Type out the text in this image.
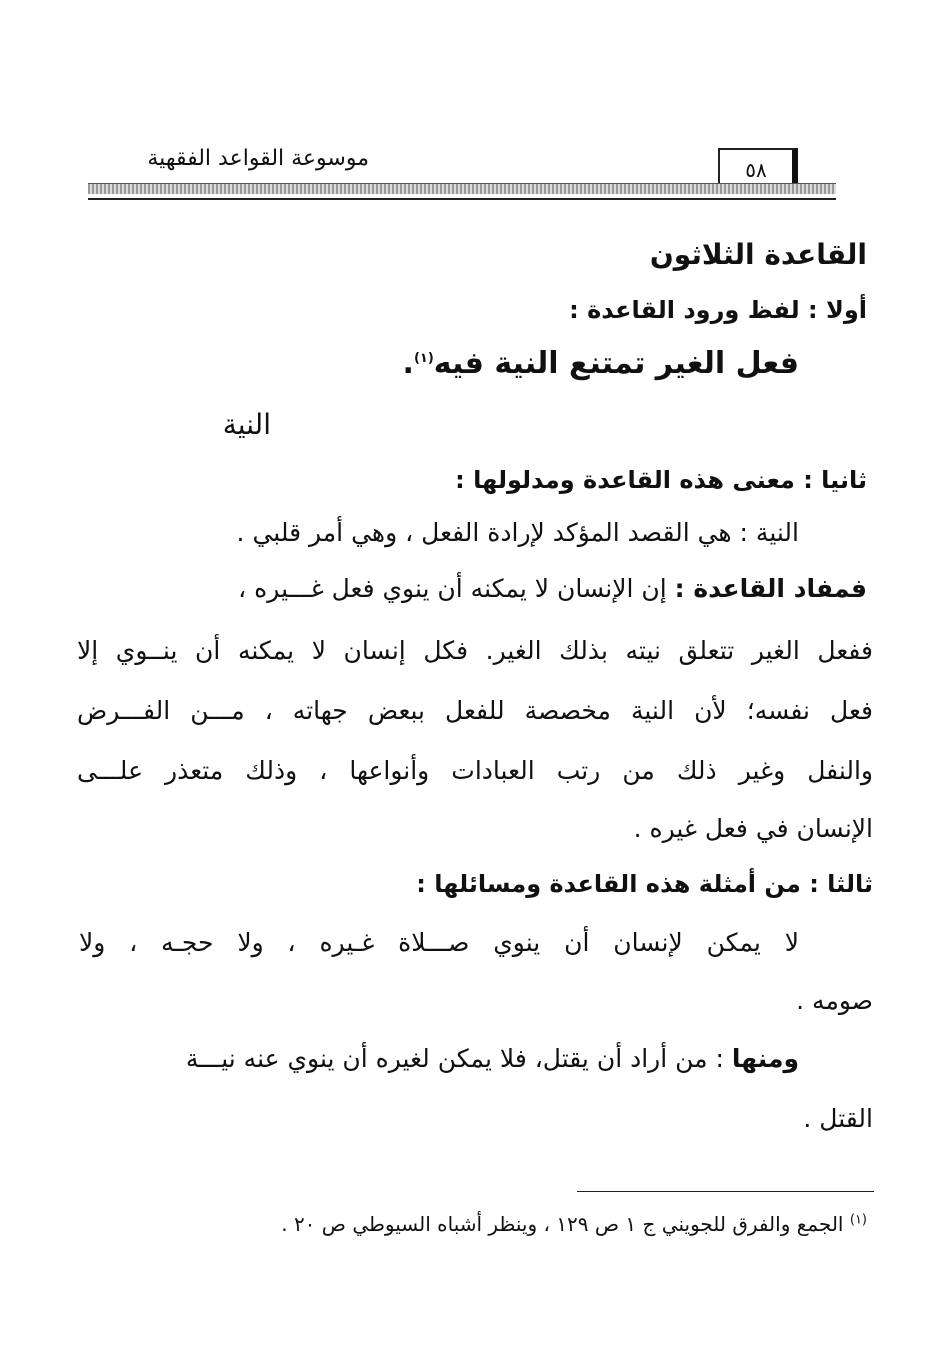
موسوعة القواعد الفقهية	٥٨
القاعدة الثلاثون
أولا : لفظ ورود القاعدة :
فعل الغير تمتنع النية فيه$^{(١)}$.
النية
ثانيا : معنى هذه القاعدة ومدلولها :
النية : هي القصد المؤكد لإرادة الفعل ، وهي أمر قلبي .
فمفاد القاعدة : إن الإنسان لا يمكنه أن ينوي فعل غـــيره ،
ففعل الغير تتعلق نيته بذلك الغير. فكل إنسان لا يمكنه أن ينــوي إلا
فعل نفسه؛ لأن النية مخصصة للفعل ببعض جهاته ، مـــن الفـــرض
والنفل وغير ذلك من رتب العبادات وأنواعها ، وذلك متعذر علـــى
الإنسان في فعل غيره .
ثالثا : من أمثلة هذه القاعدة ومسائلها :
لا يمكن لإنسان أن ينوي صـــلاة غـيره ، ولا حجـه ، ولا
صومه .
ومنها : من أراد أن يقتل، فلا يمكن لغيره أن ينوي عنه نيـــة
القتل .
$^{(١)}$ الجمع والفرق للجويني ج ١ ص ١٢٩ ، وينظر أشباه السيوطي ص ٢٠ .
